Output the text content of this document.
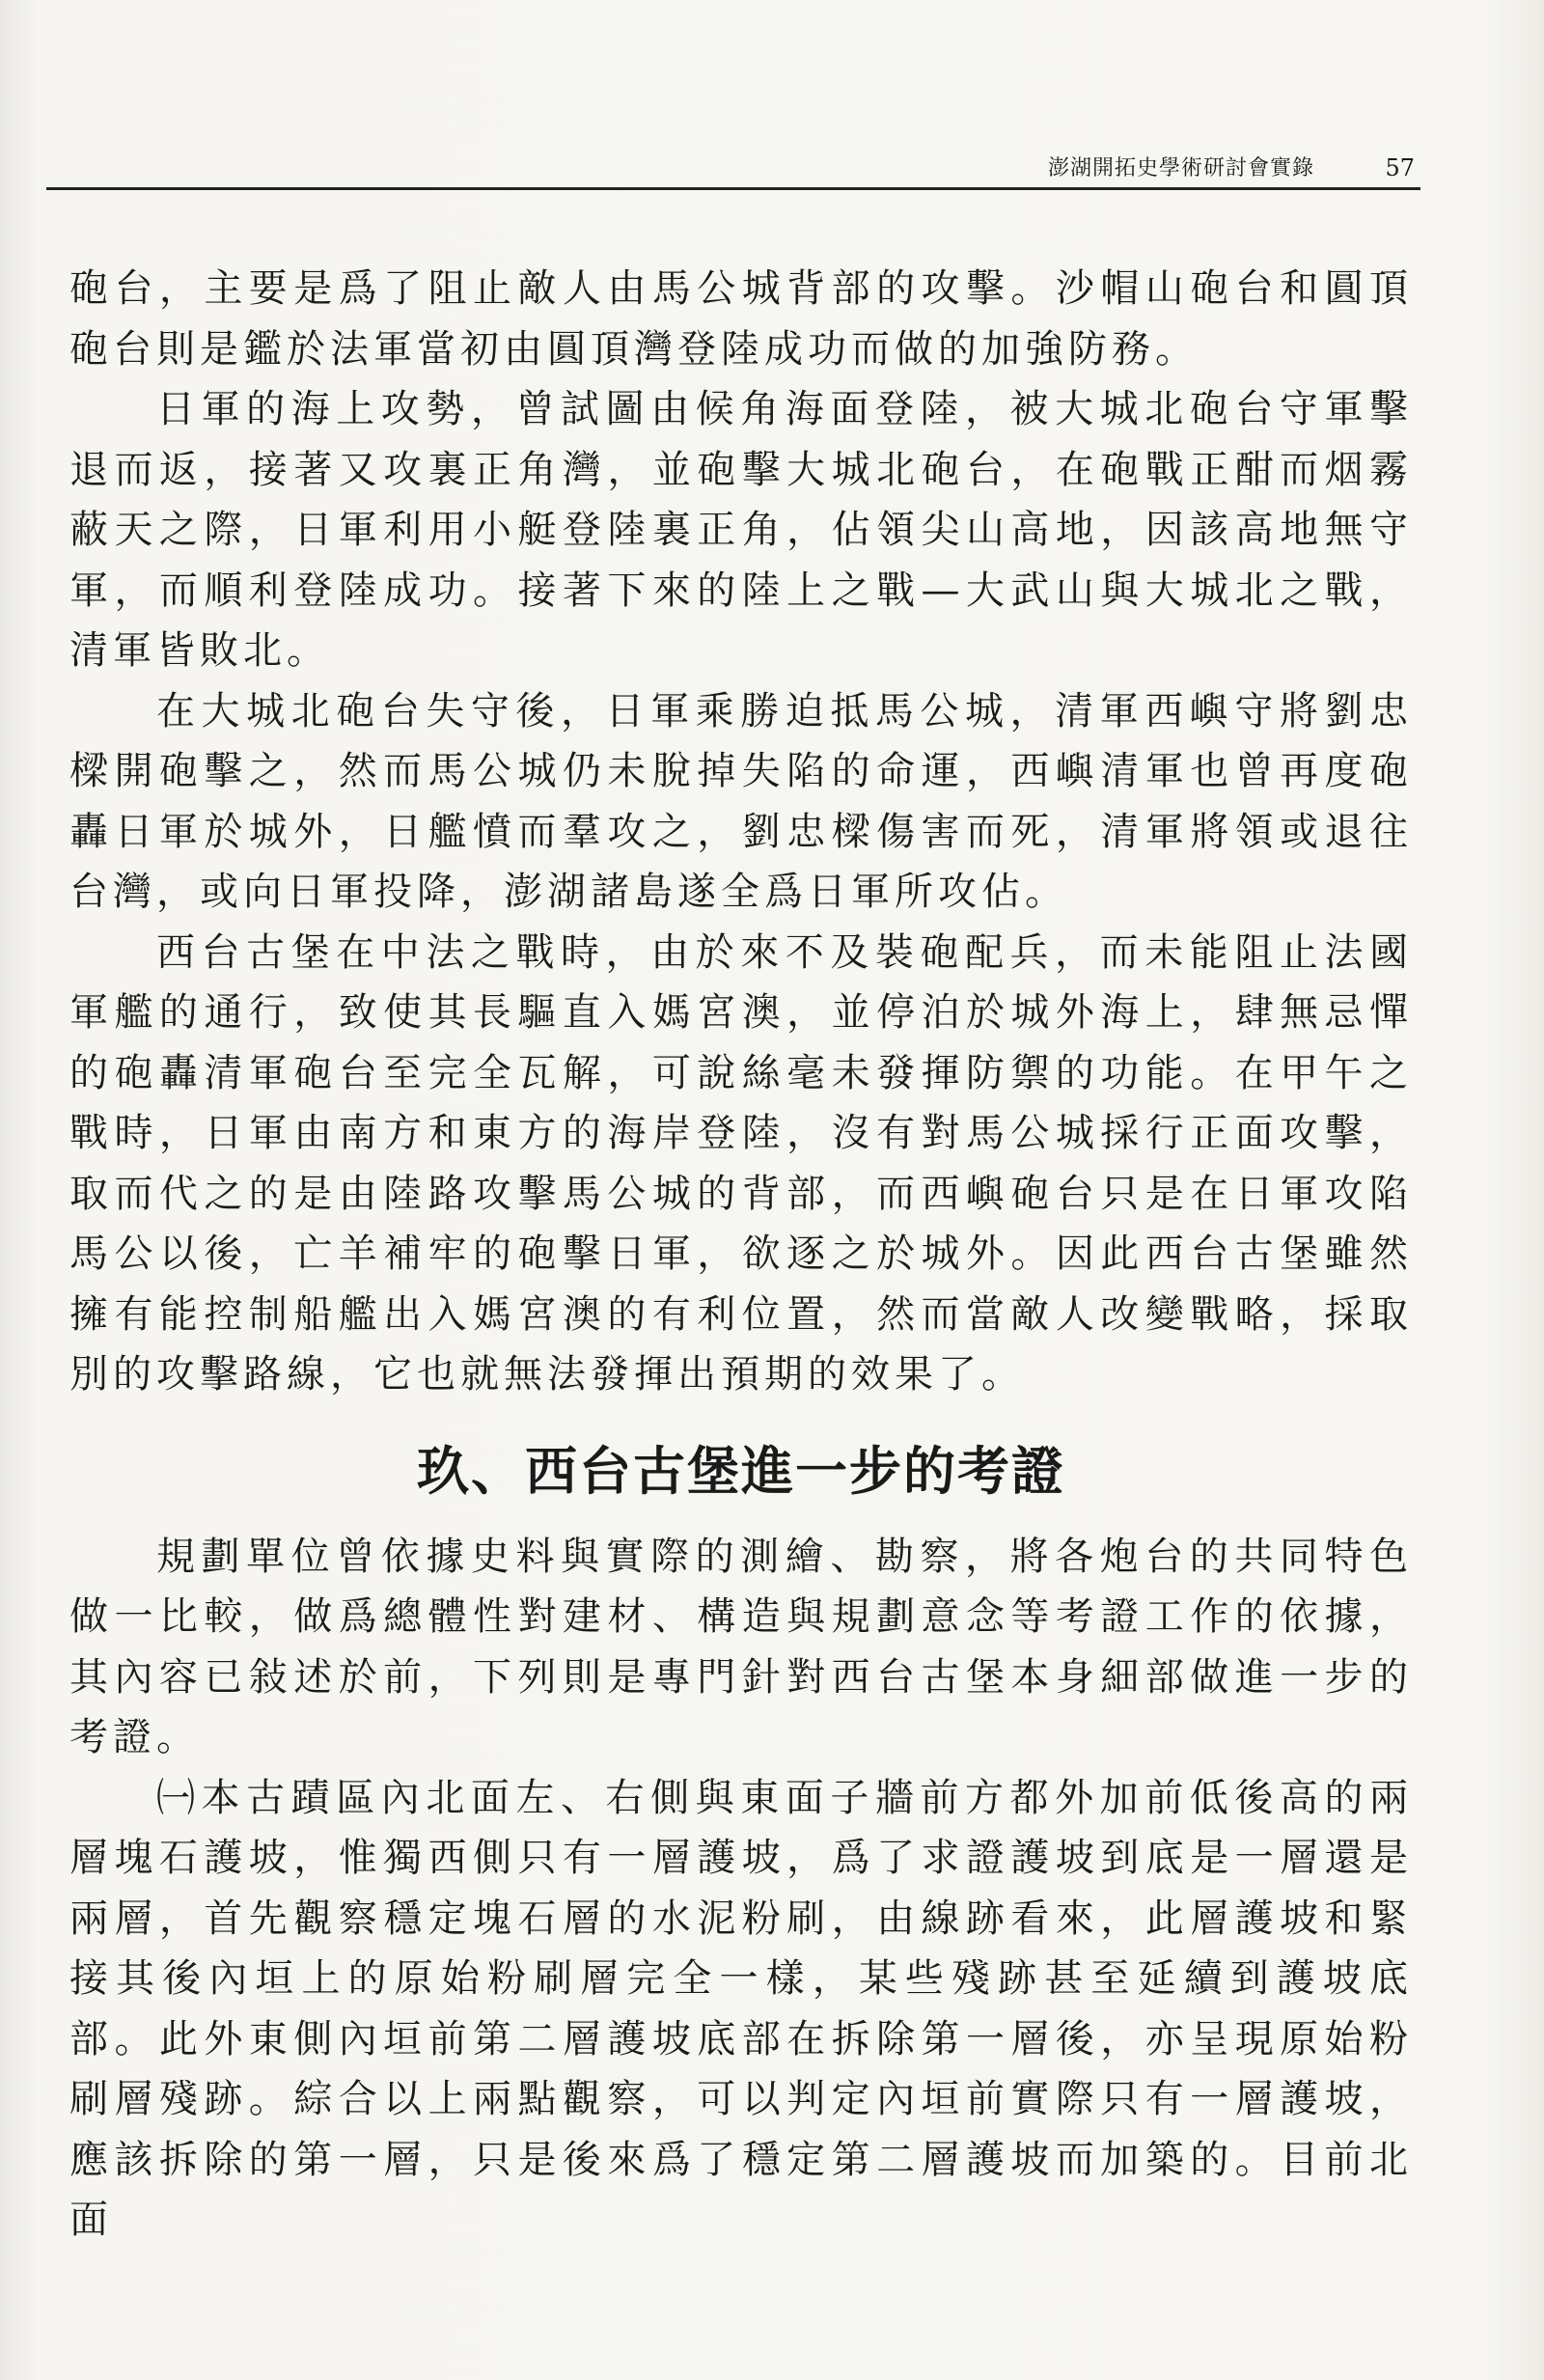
澎湖開拓史學術研討會實錄	57

砲台，主要是爲了阻止敵人由馬公城背部的攻擊。沙帽山砲台和圓頂砲台則是鑑於法軍當初由圓頂灣登陸成功而做的加強防務。

日軍的海上攻勢，曾試圖由候角海面登陸，被大城北砲台守軍擊退而返，接著又攻裏正角灣，並砲擊大城北砲台，在砲戰正酣而烟霧蔽天之際，日軍利用小艇登陸裏正角，佔領尖山高地，因該高地無守軍，而順利登陸成功。接著下來的陸上之戰—大武山與大城北之戰，清軍皆敗北。

在大城北砲台失守後，日軍乘勝迫抵馬公城，清軍西嶼守將劉忠樑開砲擊之，然而馬公城仍未脫掉失陷的命運，西嶼清軍也曾再度砲轟日軍於城外，日艦憤而羣攻之，劉忠樑傷害而死，清軍將領或退往台灣，或向日軍投降，澎湖諸島遂全爲日軍所攻佔。

西台古堡在中法之戰時，由於來不及裝砲配兵，而未能阻止法國軍艦的通行，致使其長驅直入媽宮澳，並停泊於城外海上，肆無忌憚的砲轟清軍砲台至完全瓦解，可說絲毫未發揮防禦的功能。在甲午之戰時，日軍由南方和東方的海岸登陸，沒有對馬公城採行正面攻擊，取而代之的是由陸路攻擊馬公城的背部，而西嶼砲台只是在日軍攻陷馬公以後，亡羊補牢的砲擊日軍，欲逐之於城外。因此西台古堡雖然擁有能控制船艦出入媽宮澳的有利位置，然而當敵人改變戰略，採取別的攻擊路線，它也就無法發揮出預期的效果了。

玖、西台古堡進一步的考證

規劃單位曾依據史料與實際的測繪、勘察，將各炮台的共同特色做一比較，做爲總體性對建材、構造與規劃意念等考證工作的依據，其內容已敍述於前，下列則是專門針對西台古堡本身細部做進一步的考證。

㈠本古蹟區內北面左、右側與東面子牆前方都外加前低後高的兩層塊石護坡，惟獨西側只有一層護坡，爲了求證護坡到底是一層還是兩層，首先觀察穩定塊石層的水泥粉刷，由線跡看來，此層護坡和緊接其後內垣上的原始粉刷層完全一樣，某些殘跡甚至延續到護坡底部。此外東側內垣前第二層護坡底部在拆除第一層後，亦呈現原始粉刷層殘跡。綜合以上兩點觀察，可以判定內垣前實際只有一層護坡，應該拆除的第一層，只是後來爲了穩定第二層護坡而加築的。目前北面
